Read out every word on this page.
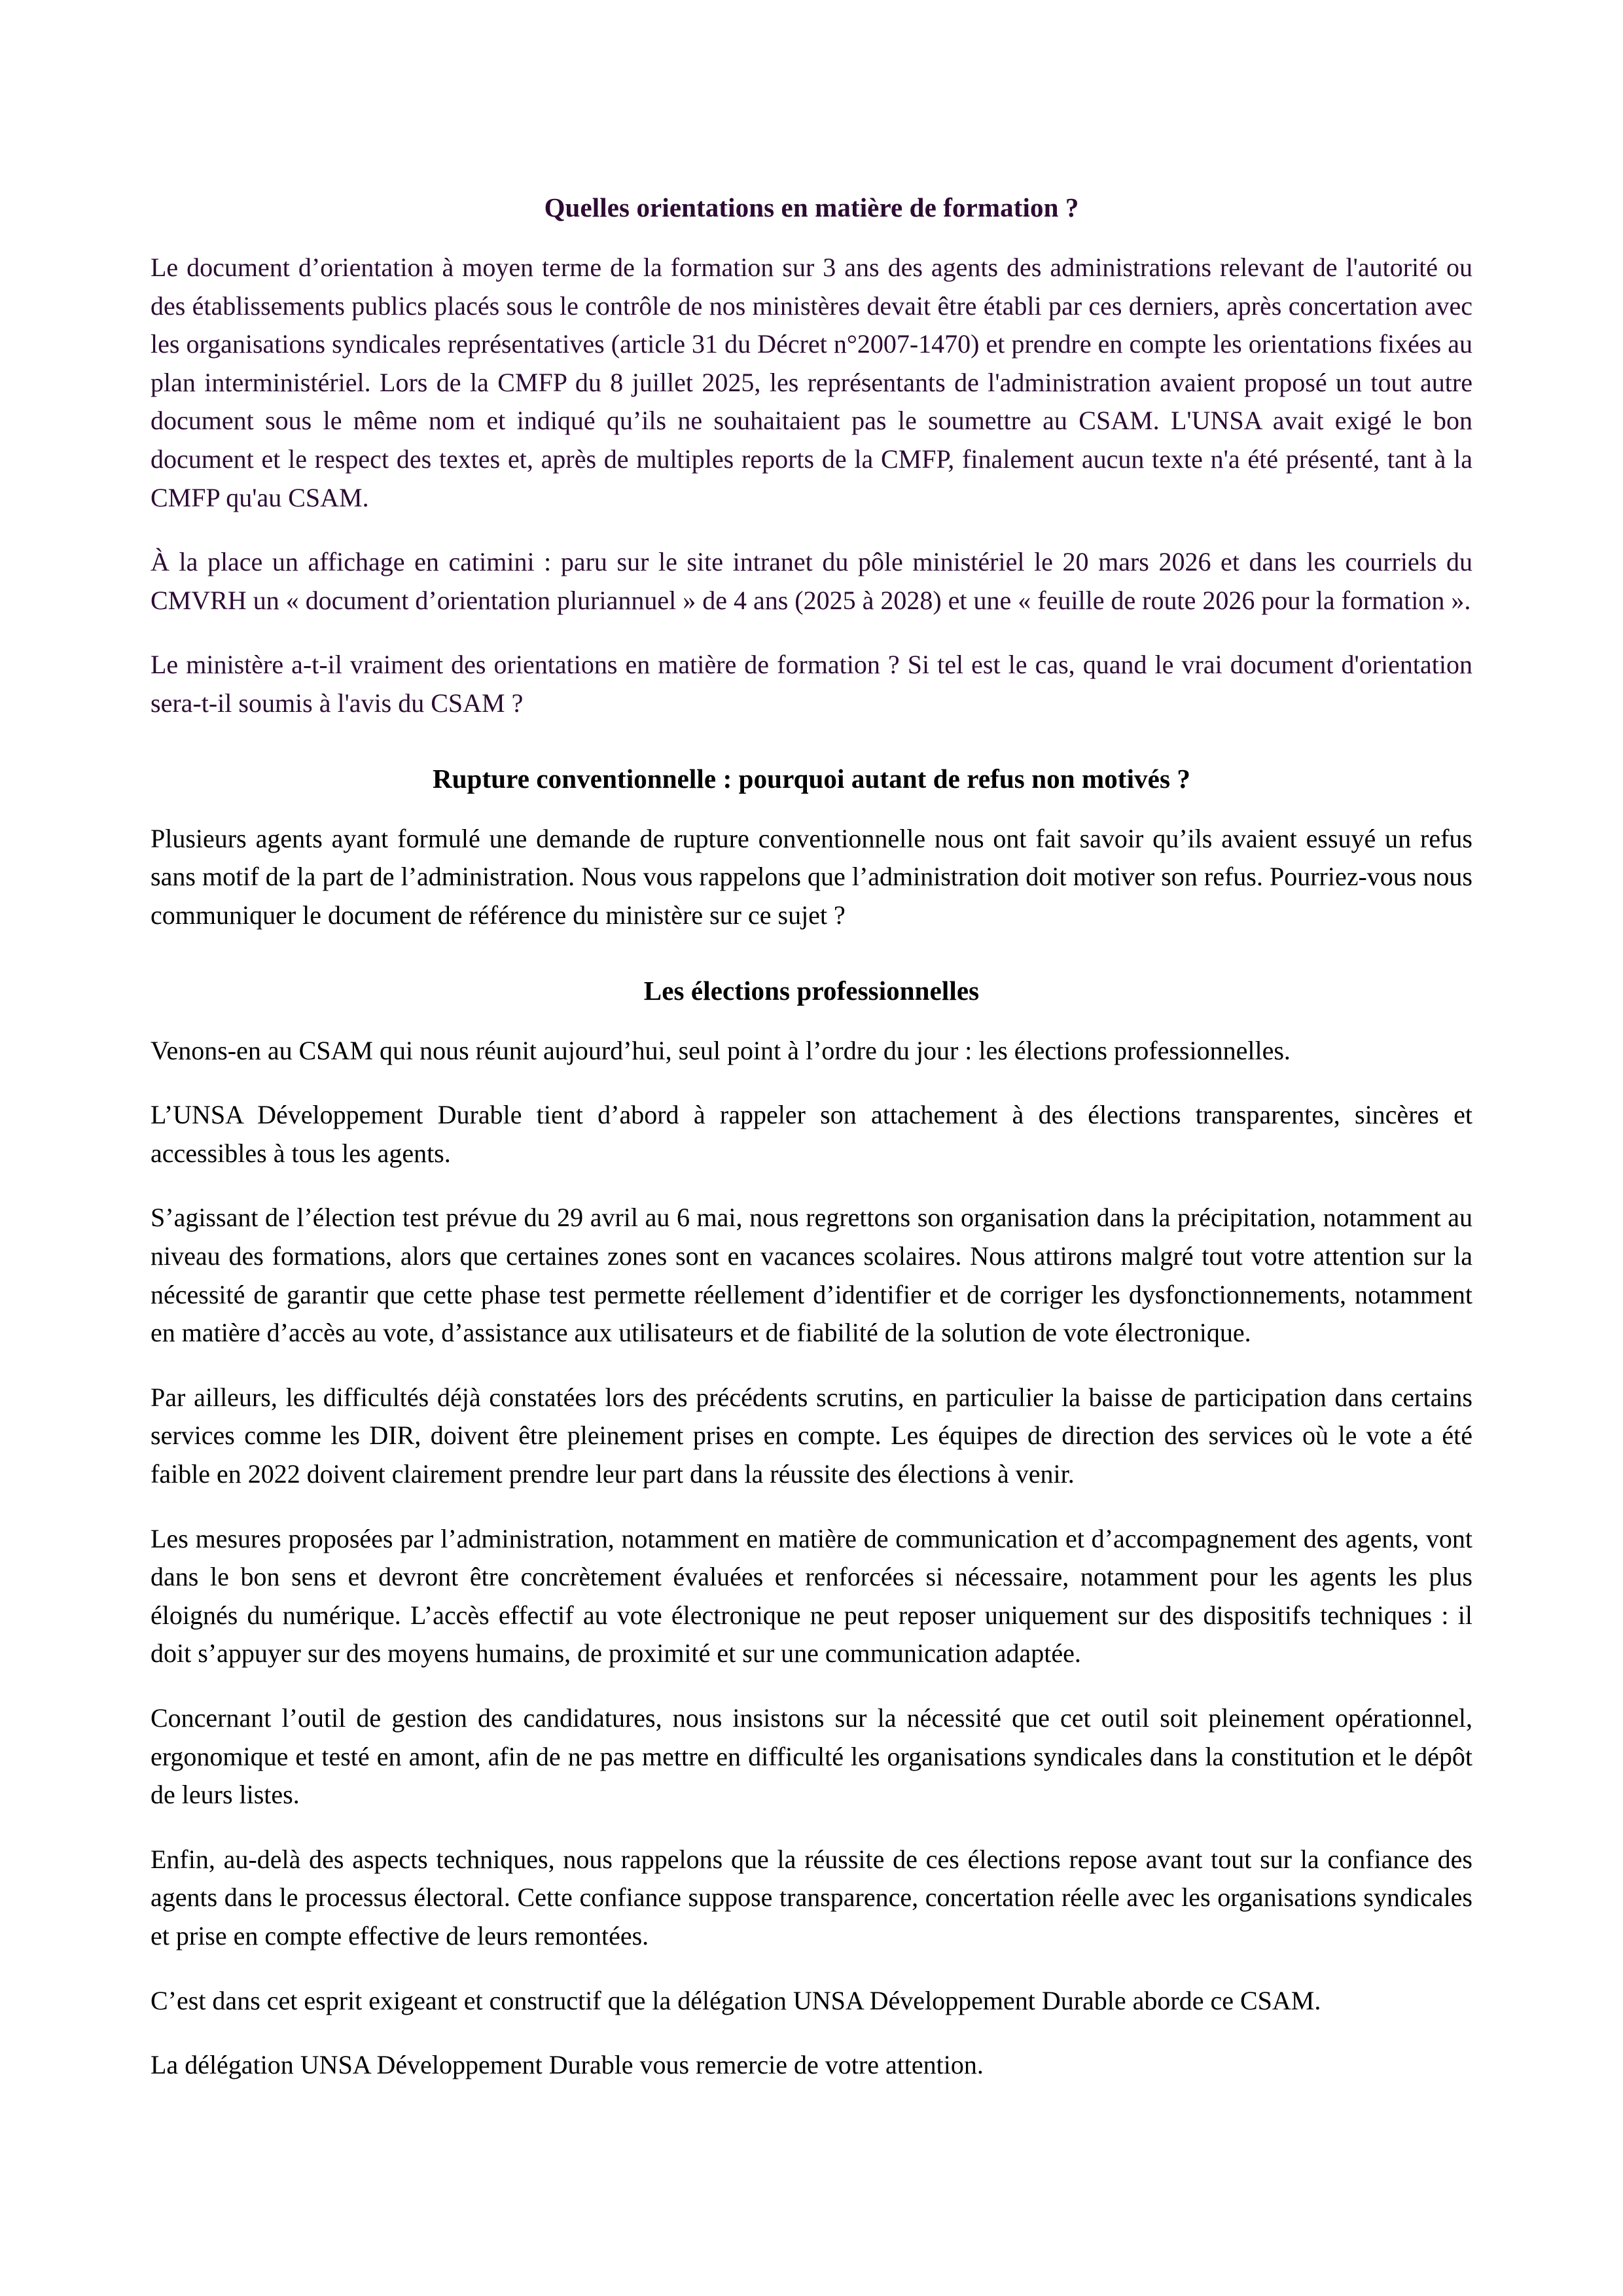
Quelles orientations en matière de formation ?

Le document d’orientation à moyen terme de la formation sur 3 ans des agents des administrations relevant de l'autorité ou des établissements publics placés sous le contrôle de nos ministères devait être établi par ces derniers, après concertation avec les organisations syndicales représentatives (article 31 du Décret n°2007-1470) et prendre en compte les orientations fixées au plan interministériel. Lors de la CMFP du 8 juillet 2025, les représentants de l'administration avaient proposé un tout autre document sous le même nom et indiqué qu’ils ne souhaitaient pas le soumettre au CSAM. L'UNSA avait exigé le bon document et le respect des textes et, après de multiples reports de la CMFP, finalement aucun texte n'a été présenté, tant à la CMFP qu'au CSAM.

À la place un affichage en catimini : paru sur le site intranet du pôle ministériel le 20 mars 2026 et dans les courriels du CMVRH un « document d’orientation pluriannuel » de 4 ans (2025 à 2028) et une « feuille de route 2026 pour la formation ».

Le ministère a-t-il vraiment des orientations en matière de formation ? Si tel est le cas, quand le vrai document d'orientation sera-t-il soumis à l'avis du CSAM ?

Rupture conventionnelle : pourquoi autant de refus non motivés ?

Plusieurs agents ayant formulé une demande de rupture conventionnelle nous ont fait savoir qu’ils avaient essuyé un refus sans motif de la part de l’administration. Nous vous rappelons que l’administration doit motiver son refus. Pourriez-vous nous communiquer le document de référence du ministère sur ce sujet ?

Les élections professionnelles

Venons-en au CSAM qui nous réunit aujourd’hui, seul point à l’ordre du jour : les élections professionnelles.

L’UNSA Développement Durable tient d’abord à rappeler son attachement à des élections transparentes, sincères et accessibles à tous les agents.

S’agissant de l’élection test prévue du 29 avril au 6 mai, nous regrettons son organisation dans la précipitation, notamment au niveau des formations, alors que certaines zones sont en vacances scolaires. Nous attirons malgré tout votre attention sur la nécessité de garantir que cette phase test permette réellement d’identifier et de corriger les dysfonctionnements, notamment en matière d’accès au vote, d’assistance aux utilisateurs et de fiabilité de la solution de vote électronique.

Par ailleurs, les difficultés déjà constatées lors des précédents scrutins, en particulier la baisse de participation dans certains services comme les DIR, doivent être pleinement prises en compte. Les équipes de direction des services où le vote a été faible en 2022 doivent clairement prendre leur part dans la réussite des élections à venir.

Les mesures proposées par l’administration, notamment en matière de communication et d’accompagnement des agents, vont dans le bon sens et devront être concrètement évaluées et renforcées si nécessaire, notamment pour les agents les plus éloignés du numérique. L’accès effectif au vote électronique ne peut reposer uniquement sur des dispositifs techniques : il doit s’appuyer sur des moyens humains, de proximité et sur une communication adaptée.

Concernant l’outil de gestion des candidatures, nous insistons sur la nécessité que cet outil soit pleinement opérationnel, ergonomique et testé en amont, afin de ne pas mettre en difficulté les organisations syndicales dans la constitution et le dépôt de leurs listes.

Enfin, au-delà des aspects techniques, nous rappelons que la réussite de ces élections repose avant tout sur la confiance des agents dans le processus électoral. Cette confiance suppose transparence, concertation réelle avec les organisations syndicales et prise en compte effective de leurs remontées.

C’est dans cet esprit exigeant et constructif que la délégation UNSA Développement Durable aborde ce CSAM.

La délégation UNSA Développement Durable vous remercie de votre attention.
